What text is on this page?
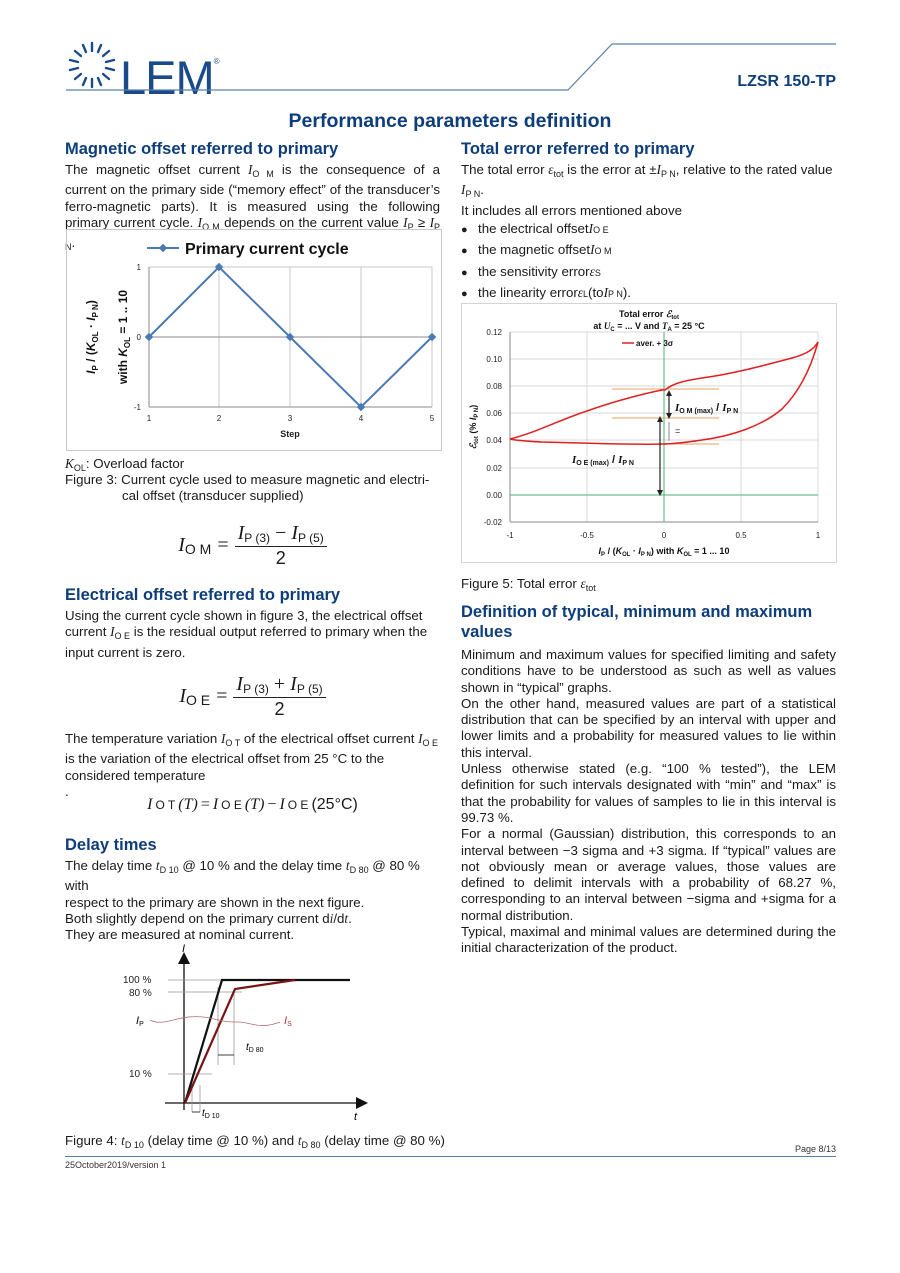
LEM®
LZSR 150-TP
Performance parameters definition
Magnetic offset referred to primary
The magnetic offset current $I_{O M}$ is the consequence of a current on the primary side (“memory effect” of the transducer’s ferro-magnetic parts). It is measured using the following primary current cycle. $I_{O M}$ depends on the current value $I_P \ge I_{P N}$.	Primary current cycle
1
0
-1
1	2	3	4	5
Step
$I_P / (K_{OL} \cdot I_{P N})$
with $K_{OL} = 1$ .. 10
$K_{OL}$: Overload factor
Figure 3: Current cycle used to measure magnetic and electri-
cal offset (transducer supplied)
$I_{O M} = \frac{I_{P (3)} - I_{P (5)}}{2}$
Electrical offset referred to primary
Using the current cycle shown in figure 3, the electrical offset current $I_{O E}$ is the residual output referred to primary when the input current is zero.
$I_{O E} = \frac{I_{P (3)} + I_{P (5)}}{2}$
The temperature variation $I_{O T}$ of the electrical offset current $I_{O E}$ is the variation of the electrical offset from 25 °C to the considered temperature
.
I O T (T) = I O E (T) − I O E (25°C)
Delay times
The delay time $t_{D 10}$ @ 10 % and the delay time $t_{D 80}$ @ 80 % with
respect to the primary are shown in the next figure.
Both slightly depend on the primary current di/dt.
They are measured at nominal current.
I
t
IP	IS
100 %
80 %
10 %
$t_{D 80}$
$t_{D 10}$
Figure 4: $t_{D 10}$ (delay time @ 10 %) and $t_{D 80}$ (delay time @ 80 %)
Total error referred to primary
The total error $\varepsilon_{tot}$ is the error at $\pm I_{P N}$, relative to the rated value $I_{P N}$.
It includes all errors mentioned above
● the electrical offset I O E
● the magnetic offset I O M
● the sensitivity error ε S
● the linearity error ε L (to I P N ).
Total error ℰ$_{tot}$
at $U_C$ = ... V and $T_A = 25$ °C
0.12
0.10
0.08
0.06
0.04
0.02
0.00
-0.02
-1	-0.5	0	0.5	1
$I_P / (K_{OL} \cdot I_{P N})$ with $K_{OL} = 1$ ... 10
ℰ$_{tot}$ (% $I_{P N}$)
aver. + 3σ
=
IO M (max) / IP N
IO E (max) / IP N
Figure 5: Total error $\varepsilon_{tot}$
Definition of typical, minimum and maximum
values
Minimum and maximum values for specified limiting and safety conditions have to be understood as such as well as values shown in “typical” graphs.
On the other hand, measured values are part of a statistical distribution that can be specified by an interval with upper and lower limits and a probability for measured values to lie within this interval.
Unless otherwise stated (e.g. “100 % tested”), the LEM definition for such intervals designated with “min” and “max” is that the probability for values of samples to lie in this interval is 99.73 %.
For a normal (Gaussian) distribution, this corresponds to an interval between −3 sigma and +3 sigma. If “typical” values are not obviously mean or average values, those values are defined to delimit intervals with a probability of 68.27 %, corresponding to an interval between −sigma and +sigma for a normal distribution.
Typical, maximal and minimal values are determined during the initial characterization of the product.
Page 8/13
25October2019/version 1
